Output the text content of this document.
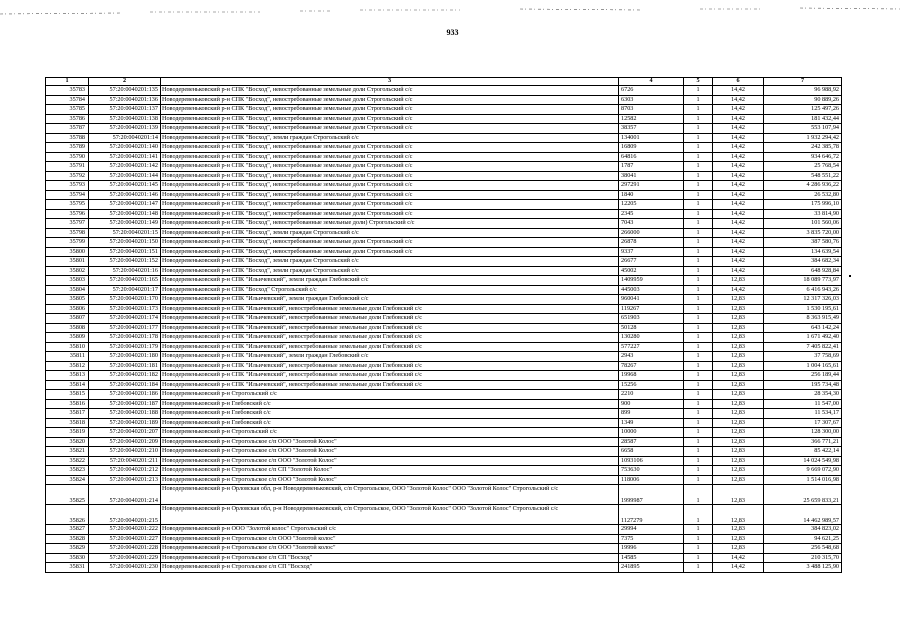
933
1	2	3	4	5	6	7
35783	57:20:0040201:135	Новодеревеньковский р-н СПК "Восход", невостребованные земельные доли Строгольский с/с	6726	1	14,42	96 988,92
35784	57:20:0040201:136	Новодеревеньковский р-н СПК "Восход", невостребованные земельные доли Строгольский с/с	6303	1	14,42	90 889,26
35785	57:20:0040201:137	Новодеревеньковский р-н СПК "Восход", невостребованные земельные доли Строгольский с/с	8703	1	14,42	125 497,26
35786	57:20:0040201:138	Новодеревеньковский р-н СПК "Восход", невостребованные земельные доли Строгольский с/с	12582	1	14,42	181 432,44
35787	57:20:0040201:139	Новодеревеньковский р-н СПК "Восход", невостребованные земельные доли Строгольский с/с	38357	1	14,42	553 107,94
35788	57:20:0040201:14	Новодеревеньковский р-н СПК "Восход", земли граждан Строгольский с/с	134001	1	14,42	1 932 294,42
35789	57:20:0040201:140	Новодеревеньковский р-н СПК "Восход", невостребованные земельные доли Строгольский с/с	16809	1	14,42	242 385,78
35790	57:20:0040201:141	Новодеревеньковский р-н СПК "Восход", невостребованные земельные доли Строгольский с/с	64816	1	14,42	934 646,72
35791	57:20:0040201:142	Новодеревеньковский р-н СПК "Восход", невостребованные земельные доли Строгольский с/с	1787	1	14,42	25 768,54
35792	57:20:0040201:144	Новодеревеньковский р-н СПК "Восход", невостребованные земельные доли Строгольский с/с	38041	1	14,42	548 551,22
35793	57:20:0040201:145	Новодеревеньковский р-н СПК "Восход", невостребованные земельные доли Строгольский с/с	297291	1	14,42	4 286 936,22
35794	57:20:0040201:146	Новодеревеньковский р-н СПК "Восход", невостребованные земельные доли Строгольский с/с	1840	1	14,42	26 532,80
35795	57:20:0040201:147	Новодеревеньковский р-н СПК "Восход", невостребованные земельные доли Строгольский с/с	12205	1	14,42	175 996,10
35796	57:20:0040201:148	Новодеревеньковский р-н СПК "Восход", невостребованные земельные доли Строгольский с/с	2345	1	14,42	33 814,90
35797	57:20:0040201:149	Новодеревеньковский р-н СПК "Восход", невостребованные земельные доли) Строгольский с/с	7043	1	14,42	101 560,06
35798	57:20:0040201:15	Новодеревеньковский р-н СПК "Восход", земли граждан Строгольский с/с	266000	1	14,42	3 835 720,00
35799	57:20:0040201:150	Новодеревеньковский р-н СПК "Восход", невостребованные земельные доли Строгольский с/с	26878	1	14,42	387 580,76
35800	57:20:0040201:151	Новодеревеньковский р-н СПК "Восход", невостребованные земельные доли Строгольский с/с	9337	1	14,42	134 639,54
35801	57:20:0040201:152	Новодеревеньковский р-н СПК "Восход", земли граждан Строгольский с/с	26677	1	14,42	384 682,34
35802	57:20:0040201:16	Новодеревеньковский р-н СПК "Восход", земли граждан Строгольский с/с	45002	1	14,42	648 928,84
35803	57:20:0040201:165	Новодеревеньковский р-н СПК "Ильичевский", земли граждан Глебовский с/с	1409959	1	12,83	18 089 773,97
35804	57:20:0040201:17	Новодеревеньковский р-н СПК "Восход" Строгольский с/с	445003	1	14,42	6 416 943,26
35805	57:20:0040201:170	Новодеревеньковский р-н СПК "Ильичевский", земли граждан Глебовский с/с	960041	1	12,83	12 317 326,03
35806	57:20:0040201:173	Новодеревеньковский р-н СПК "Ильичевский", невостребованные земельные доли Глебовский с/с	119267	1	12,83	1 530 195,61
35807	57:20:0040201:174	Новодеревеньковский р-н СПК "Ильичевский", невостребованные земельные доли Глебовский с/с	651903	1	12,83	8 363 915,49
35808	57:20:0040201:177	Новодеревеньковский р-н СПК "Ильичевский", невостребованные земельные доли Глебовский с/с	50128	1	12,83	643 142,24
35809	57:20:0040201:178	Новодеревеньковский р-н СПК "Ильичевский", невостребованные земельные доли Глебовский с/с	130280	1	12,83	1 671 492,40
35810	57:20:0040201:179	Новодеревеньковский р-н СПК "Ильичевский", невостребованные земельные доли Глебовский с/с	577227	1	12,83	7 405 822,41
35811	57:20:0040201:180	Новодеревеньковский р-н СПК "Ильичевский", земли граждан Глебовский с/с	2943	1	12,83	37 758,69
35812	57:20:0040201:181	Новодеревеньковский р-н СПК "Ильичевский", невостребованные земельные доли Глебовский с/с	78267	1	12,83	1 004 165,61
35813	57:20:0040201:182	Новодеревеньковский р-н СПК "Ильичевский", невостребованные земельные доли Глебовский с/с	19968	1	12,83	256 189,44
35814	57:20:0040201:184	Новодеревеньковский р-н СПК "Ильичевский", невостребованные земельные доли Глебовский с/с	15256	1	12,83	195 734,48
35815	57:20:0040201:186	Новодеревеньковский р-н Строгольский с/с	2210	1	12,83	28 354,30
35816	57:20:0040201:187	Новодеревеньковский р-н Глебовский с/с	900	1	12,83	11 547,00
35817	57:20:0040201:188	Новодеревеньковский р-н Глебовский с/с	899	1	12,83	11 534,17
35818	57:20:0040201:189	Новодеревеньковский р-н Глебовский с/с	1349	1	12,83	17 307,67
35819	57:20:0040201:207	Новодеревеньковский р-н Строгольский с/с	10000	1	12,83	128 300,00
35820	57:20:0040201:209	Новодеревеньковский р-н Строгольское с/п ООО "Золотой Колос"	28587	1	12,83	366 771,21
35821	57:20:0040201:210	Новодеревеньковский р-н Строгольское с/п ООО "Золотой Колос"	6658	1	12,83	85 422,14
35822	57:20:0040201:211	Новодеревеньковский р-н Строгольское с/п ООО "Золотой Колос"	1093106	1	12,83	14 024 549,98
35823	57:20:0040201:212	Новодеревеньковский р-н Строгольское с/п СП "Золотой Колос"	753630	1	12,83	9 669 072,90
35824	57:20:0040201:213	Новодеревеньковский р-н Строгольское с/п ООО "Золотой Колос"	118006	1	12,83	1 514 016,98
35825	57:20:0040201:214	Новодеревеньковский р-н Орловская обл, р-н Новодеревеньковский, с/п Строгольское, ООО "Золотой Колос" ООО "Золотой Колос" Строгольский с/с	1999987	1	12,83	25 659 833,21
35826	57:20:0040201:215	Новодеревеньковский р-н Орловская обл, р-н Новодеревеньковский, с/п Строгольское, ООО "Золотой Колос" ООО "Золотой Колос" Строгольский с/с	1127279	1	12,83	14 462 989,57
35827	57:20:0040201:222	Новодеревеньковский р-н ООО "Золотой колос" Строгольский с/с	29994	1	12,83	384 823,02
35828	57:20:0040201:227	Новодеревеньковский р-н Строгольское с/п ООО "Золотой колос"	7375	1	12,83	94 621,25
35829	57:20:0040201:228	Новодеревеньковский р-н Строгольское с/п ООО "Золотой колос"	19996	1	12,83	256 548,68
35830	57:20:0040201:229	Новодеревеньковский р-н Строгольское с/п СП "Восход"	14585	1	14,42	210 315,70
35831	57:20:0040201:230	Новодеревеньковский р-н Строгольское с/п СП "Восход"	241895	1	14,42	3 488 125,90
